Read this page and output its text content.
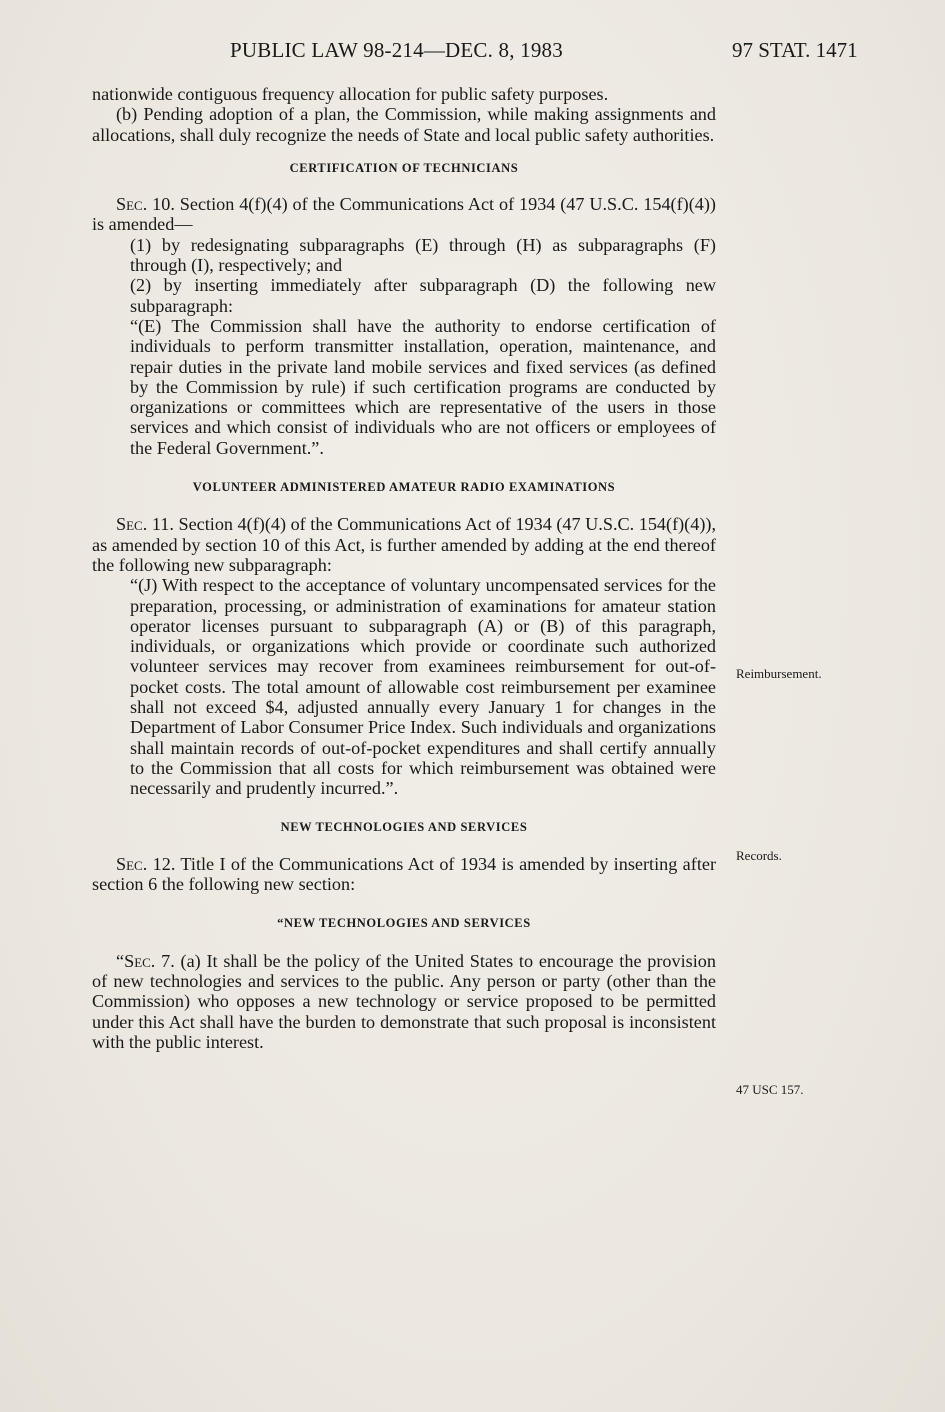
PUBLIC LAW 98-214—DEC. 8, 1983	97 STAT. 1471

nationwide contiguous frequency allocation for public safety purposes.

(b) Pending adoption of a plan, the Commission, while making assignments and allocations, shall duly recognize the needs of State and local public safety authorities.

CERTIFICATION OF TECHNICIANS

Sec. 10. Section 4(f)(4) of the Communications Act of 1934 (47 U.S.C. 154(f)(4)) is amended—

(1) by redesignating subparagraphs (E) through (H) as subparagraphs (F) through (I), respectively; and

(2) by inserting immediately after subparagraph (D) the following new subparagraph:

“(E) The Commission shall have the authority to endorse certification of individuals to perform transmitter installation, operation, maintenance, and repair duties in the private land mobile services and fixed services (as defined by the Commission by rule) if such certification programs are conducted by organizations or committees which are representative of the users in those services and which consist of individuals who are not officers or employees of the Federal Government.”.

VOLUNTEER ADMINISTERED AMATEUR RADIO EXAMINATIONS

Sec. 11. Section 4(f)(4) of the Communications Act of 1934 (47 U.S.C. 154(f)(4)), as amended by section 10 of this Act, is further amended by adding at the end thereof the following new subparagraph:

“(J) With respect to the acceptance of voluntary uncompensated services for the preparation, processing, or administration of examinations for amateur station operator licenses pursuant to subparagraph (A) or (B) of this paragraph, individuals, or organizations which provide or coordinate such authorized volunteer services may recover from examinees reimbursement for out-of-pocket costs. The total amount of allowable cost reimbursement per examinee shall not exceed $4, adjusted annually every January 1 for changes in the Department of Labor Consumer Price Index. Such individuals and organizations shall maintain records of out-of-pocket expenditures and shall certify annually to the Commission that all costs for which reimbursement was obtained were necessarily and prudently incurred.”.

NEW TECHNOLOGIES AND SERVICES

Sec. 12. Title I of the Communications Act of 1934 is amended by inserting after section 6 the following new section:

“NEW TECHNOLOGIES AND SERVICES

“Sec. 7. (a) It shall be the policy of the United States to encourage the provision of new technologies and services to the public. Any person or party (other than the Commission) who opposes a new technology or service proposed to be permitted under this Act shall have the burden to demonstrate that such proposal is inconsistent with the public interest.

Reimbursement.
Records.
47 USC 157.
